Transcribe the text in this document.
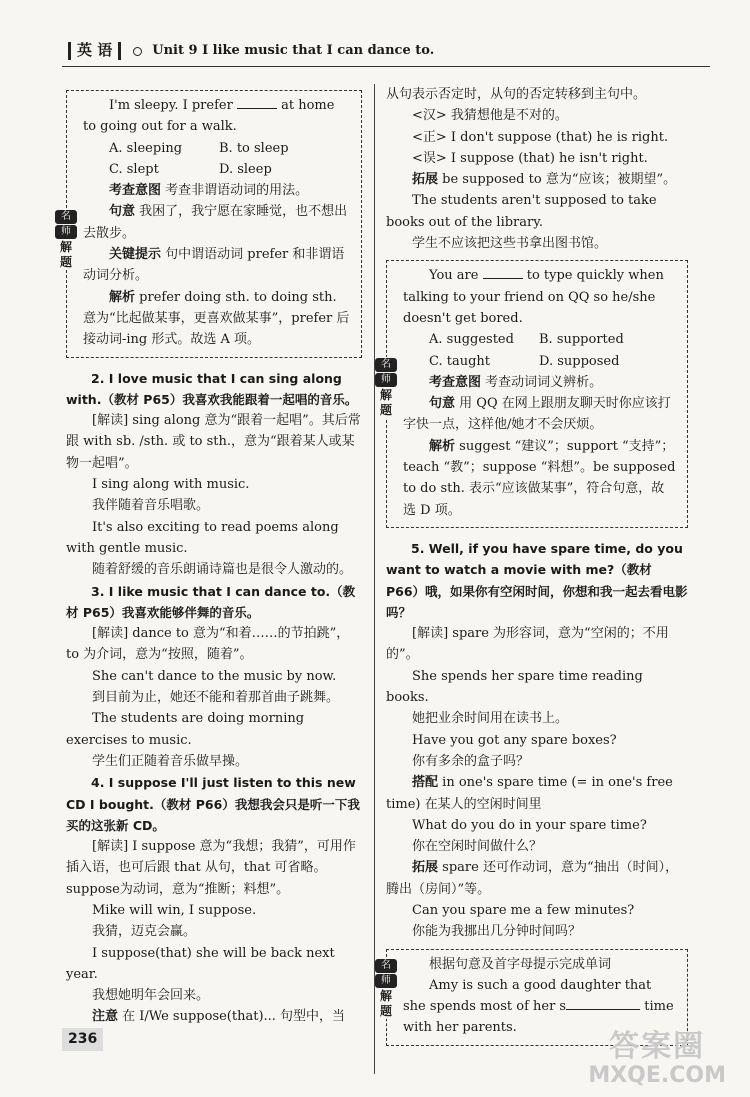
英 语	Unit 9 I like music that I can dance to.
名
师
解
题

I'm sleepy. I prefer	at home to going out for a walk.

A. sleeping	B. to sleep
C. slept	D. sleep

考查意图 考查非谓语动词的用法。

句意 我困了，我宁愿在家睡觉，也不想出去散步。

关键提示 句中谓语动词 prefer 和非谓语动词分析。

解析 prefer doing sth. to doing sth. 意为“比起做某事，更喜欢做某事”，prefer 后接动词-ing 形式。故选 A 项。

2. I love music that I can sing along with.（教材 P65）我喜欢我能跟着一起唱的音乐。

[解读] sing along 意为“跟着一起唱”。其后常跟 with sb. /sth. 或 to sth.，意为“跟着某人或某物一起唱”。

I sing along with music.

我伴随着音乐唱歌。

It's also exciting to read poems along with gentle music.

随着舒缓的音乐朗诵诗篇也是很令人激动的。

3. I like music that I can dance to.（教材 P65）我喜欢能够伴舞的音乐。

[解读] dance to 意为“和着……的节拍跳”，to 为介词，意为“按照，随着”。

She can't dance to the music by now.

到目前为止，她还不能和着那首曲子跳舞。

The students are doing morning exercises to music.

学生们正随着音乐做早操。

4. I suppose I'll just listen to this new CD I bought.（教材 P66）我想我会只是听一下我买的这张新 CD。

[解读] I suppose 意为“我想；我猜”，可用作插入语，也可后跟 that 从句，that 可省略。suppose为动词，意为“推断；料想”。

Mike will win, I suppose.

我猜，迈克会赢。

I suppose(that) she will be back next year.

我想她明年会回来。

注意 在 I/We suppose(that)... 句型中，当

从句表示否定时，从句的否定转移到主句中。

<汉> 我猜想他是不对的。

<正> I don't suppose (that) he is right.

<误> I suppose (that) he isn't right.

拓展 be supposed to 意为“应该；被期望”。

The students aren't supposed to take books out of the library.

学生不应该把这些书拿出图书馆。

名
师
解
题

You are	to type quickly when talking to your friend on QQ so he/she doesn't get bored.

A. suggested	B. supported
C. taught	D. supposed

考查意图 考查动词词义辨析。

句意 用 QQ 在网上跟朋友聊天时你应该打字快一点，这样他/她才不会厌烦。

解析 suggest “建议”；support “支持”；teach “教”；suppose “料想”。be supposed to do sth. 表示“应该做某事”，符合句意，故选 D 项。

5. Well, if you have spare time, do you want to watch a movie with me?（教材 P66）哦，如果你有空闲时间，你想和我一起去看电影吗？

[解读] spare 为形容词，意为“空闲的；不用的”。

She spends her spare time reading books.

她把业余时间用在读书上。

Have you got any spare boxes?

你有多余的盒子吗？

搭配 in one's spare time (= in one's free time) 在某人的空闲时间里

What do you do in your spare time?

你在空闲时间做什么？

拓展 spare 还可作动词，意为“抽出（时间），腾出（房间）”等。

Can you spare me a few minutes?

你能为我挪出几分钟时间吗？

名
师
解
题

根据句意及首字母提示完成单词

Amy is such a good daughter that she spends most of her s	time with her parents.

236	答案圈
MXQE.COM
